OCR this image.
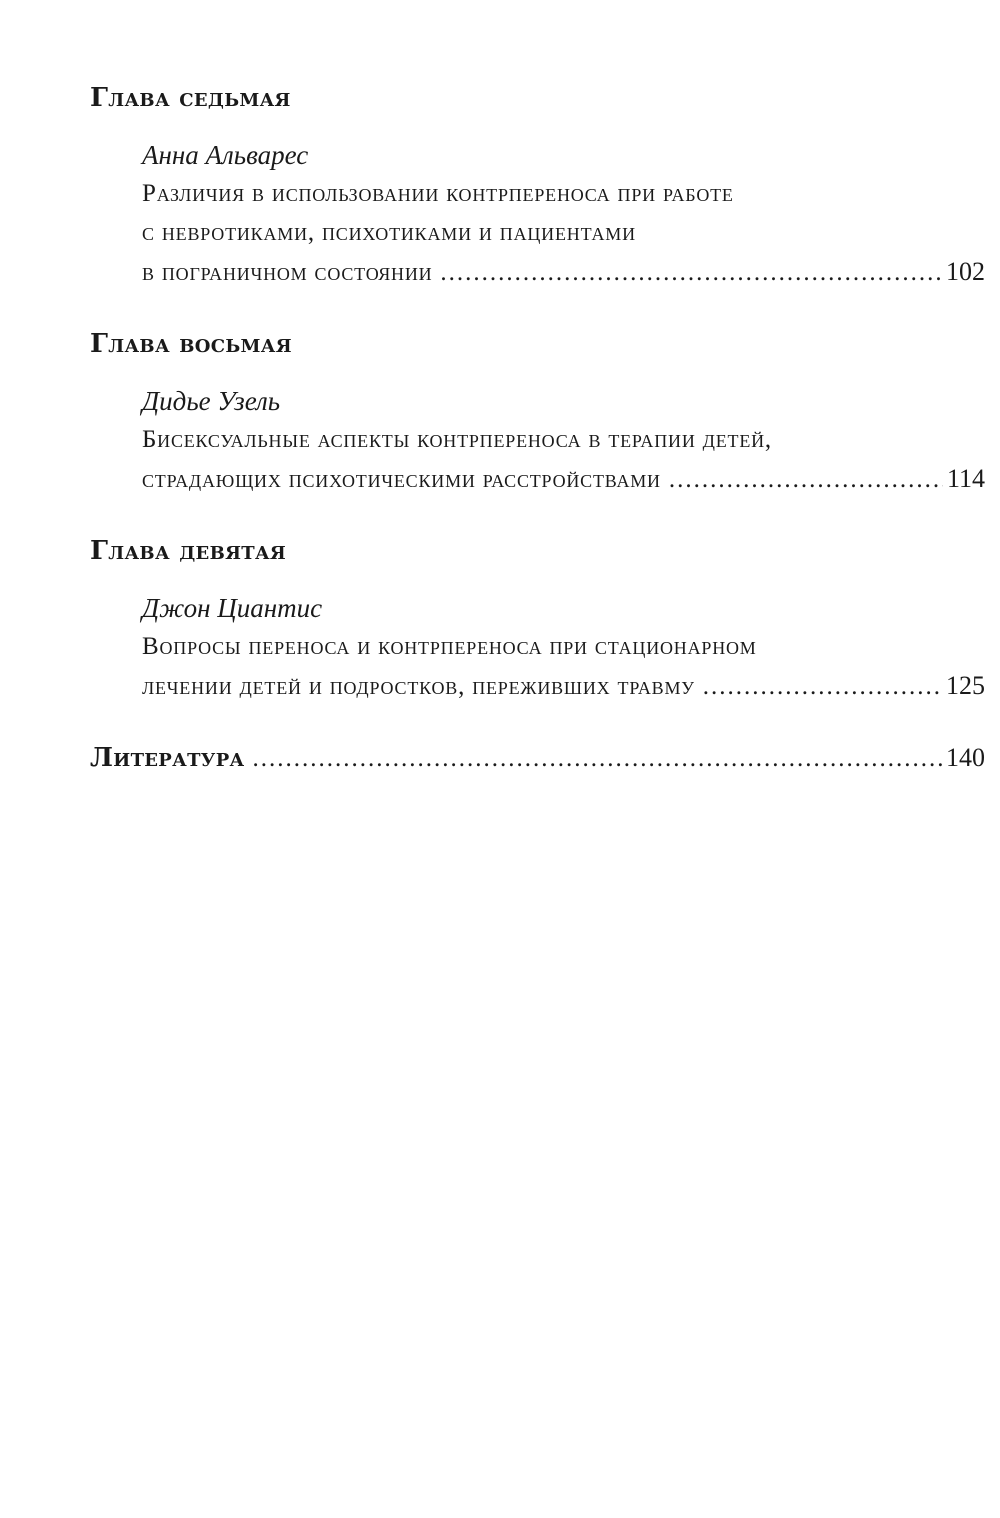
Глава седьмая
Анна Альварес
Различия в использовании контрпереноса при работе
с невротиками, психотиками и пациентами
в пограничном состоянии .....	102
Глава восьмая
Дидье Узель
Бисексуальные аспекты контрпереноса в терапии детей,
страдающих психотическими расстройствами .....	114
Глава девятая
Джон Циантис
Вопросы переноса и контрпереноса при стационарном
лечении детей и подростков, переживших травму .....	125
Литература .....	140
